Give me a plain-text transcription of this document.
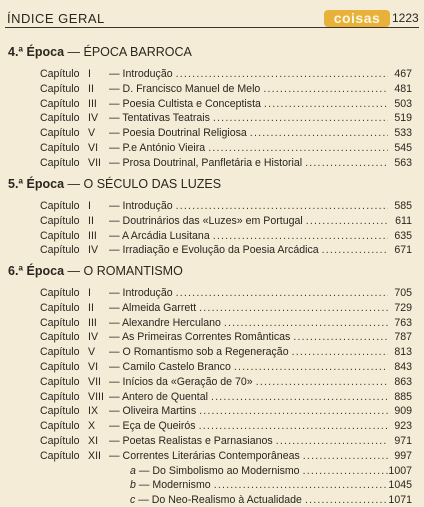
ÍNDICE GERAL	coisas 1223
4.ª Época — ÉPOCA BARROCA
Capítulo I — Introdução .....	467
Capítulo II — D. Francisco Manuel de Melo .....	481
Capítulo III — Poesia Cultista e Conceptista .....	503
Capítulo IV — Tentativas Teatrais .....	519
Capítulo V — Poesia Doutrinal Religiosa .....	533
Capítulo VI — P.e António Vieira .....	545
Capítulo VII — Prosa Doutrinal, Panfletária e Historial .....	563
5.ª Época — O SÉCULO DAS LUZES
Capítulo I — Introdução .....	585
Capítulo II — Doutrinários das «Luzes» em Portugal .....	611
Capítulo III — A Arcádia Lusitana .....	635
Capítulo IV — Irradiação e Evolução da Poesia Arcádica .....	671
6.ª Época — O ROMANTISMO
Capítulo I — Introdução .....	705
Capítulo II — Almeida Garrett .....	729
Capítulo III — Alexandre Herculano .....	763
Capítulo IV — As Primeiras Correntes Românticas .....	787
Capítulo V — O Romantismo sob a Regeneração .....	813
Capítulo VI — Camilo Castelo Branco .....	843
Capítulo VII — Inícios da «Geração de 70» .....	863
Capítulo VIII — Antero de Quental .....	885
Capítulo IX — Oliveira Martins .....	909
Capítulo X — Eça de Queirós .....	923
Capítulo XI — Poetas Realistas e Parnasianos .....	971
Capítulo XII — Correntes Literárias Contemporâneas .....	997
a — Do Simbolismo ao Modernismo .....	1007
b — Modernismo .....	1045
c — Do Neo-Realismo à Actualidade .....	1071
